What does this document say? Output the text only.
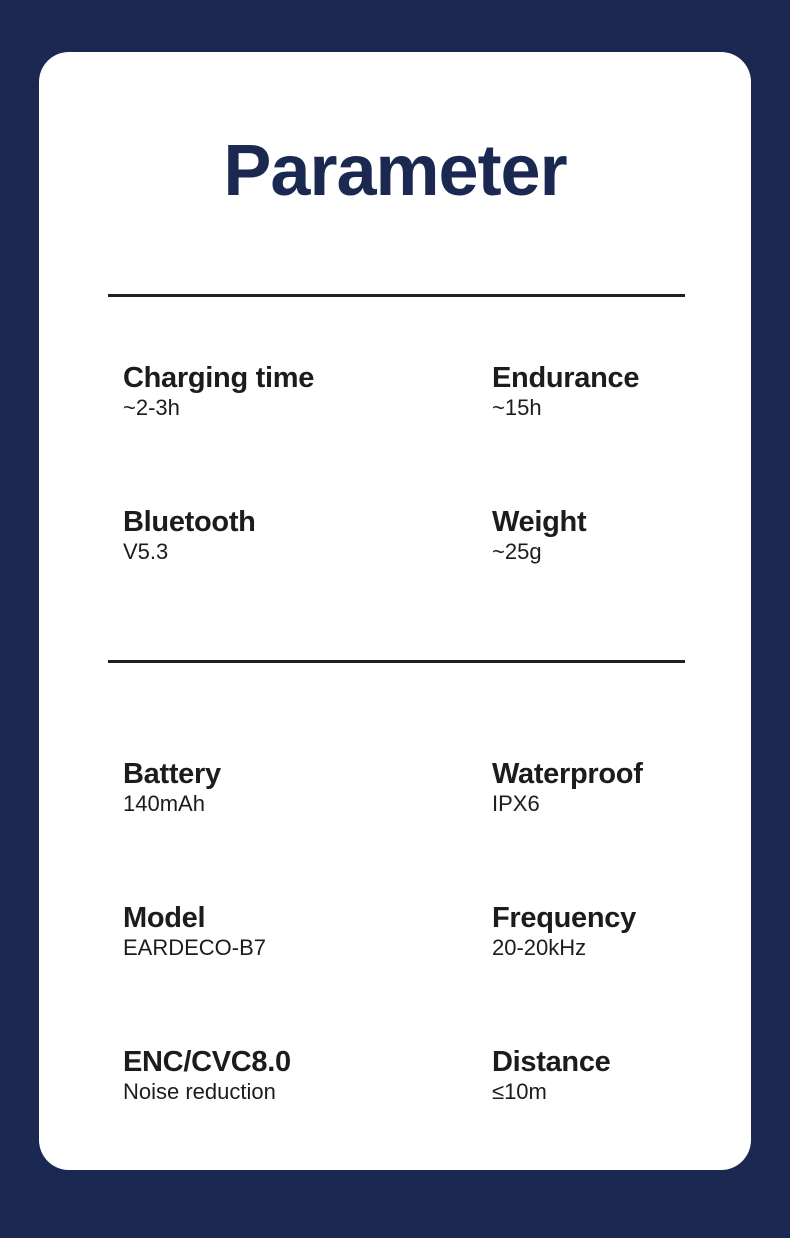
Parameter
Charging time
~2-3h
Endurance
~15h
Bluetooth
V5.3
Weight
~25g
Battery
140mAh
Waterproof
IPX6
Model
EARDECO-B7
Frequency
20-20kHz
ENC/CVC8.0
Noise reduction
Distance
≤10m
